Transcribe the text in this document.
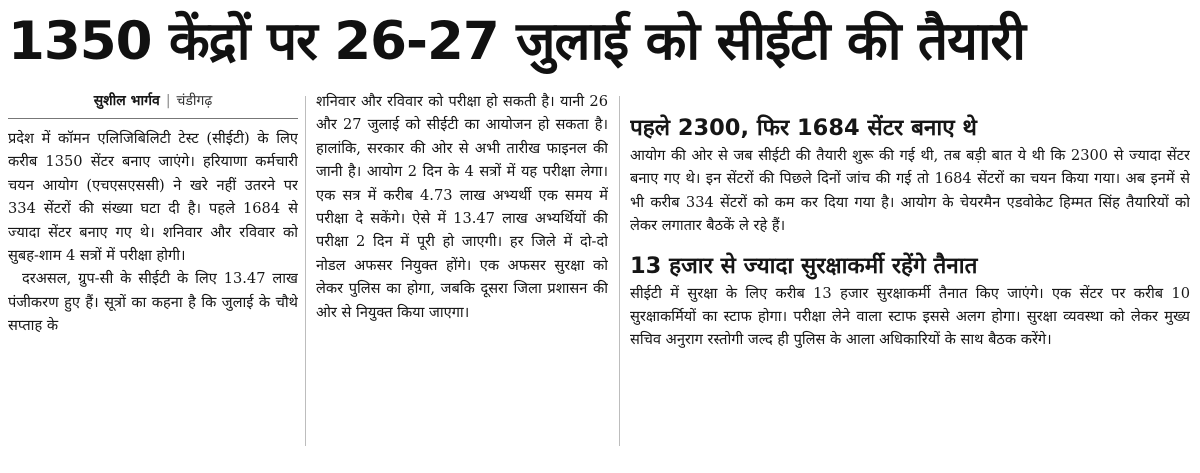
1350 केंद्रों पर 26-27 जुलाई को सीईटी की तैयारी
सुशील भार्गव | चंडीगढ़

प्रदेश में कॉमन एलिजिबिलिटी टेस्ट (सीईटी) के लिए करीब 1350 सेंटर बनाए जाएंगे। हरियाणा कर्मचारी चयन आयोग (एचएसएससी) ने खरे नहीं उतरने पर 334 सेंटरों की संख्या घटा दी है। पहले 1684 से ज्यादा सेंटर बनाए गए थे। शनिवार और रविवार को सुबह-शाम 4 सत्रों में परीक्षा होगी।

दरअसल, ग्रुप-सी के सीईटी के लिए 13.47 लाख पंजीकरण हुए हैं। सूत्रों का कहना है कि जुलाई के चौथे सप्ताह के

शनिवार और रविवार को परीक्षा हो सकती है। यानी 26 और 27 जुलाई को सीईटी का आयोजन हो सकता है। हालांकि, सरकार की ओर से अभी तारीख फाइनल की जानी है। आयोग 2 दिन के 4 सत्रों में यह परीक्षा लेगा। एक सत्र में करीब 4.73 लाख अभ्यर्थी एक समय में परीक्षा दे सकेंगे। ऐसे में 13.47 लाख अभ्यर्थियों की परीक्षा 2 दिन में पूरी हो जाएगी। हर जिले में दो-दो नोडल अफसर नियुक्त होंगे। एक अफसर सुरक्षा को लेकर पुलिस का होगा, जबकि दूसरा जिला प्रशासन की ओर से नियुक्त किया जाएगा।

पहले 2300, फिर 1684 सेंटर बनाए थे

आयोग की ओर से जब सीईटी की तैयारी शुरू की गई थी, तब बड़ी बात ये थी कि 2300 से ज्यादा सेंटर बनाए गए थे। इन सेंटरों की पिछले दिनों जांच की गई तो 1684 सेंटरों का चयन किया गया। अब इनमें से भी करीब 334 सेंटरों को कम कर दिया गया है। आयोग के चेयरमैन एडवोकेट हिम्मत सिंह तैयारियों को लेकर लगातार बैठकें ले रहे हैं।

13 हजार से ज्यादा सुरक्षाकर्मी रहेंगे तैनात

सीईटी में सुरक्षा के लिए करीब 13 हजार सुरक्षाकर्मी तैनात किए जाएंगे। एक सेंटर पर करीब 10 सुरक्षाकर्मियों का स्टाफ होगा। परीक्षा लेने वाला स्टाफ इससे अलग होगा। सुरक्षा व्यवस्था को लेकर मुख्य सचिव अनुराग रस्तोगी जल्द ही पुलिस के आला अधिकारियों के साथ बैठक करेंगे।
